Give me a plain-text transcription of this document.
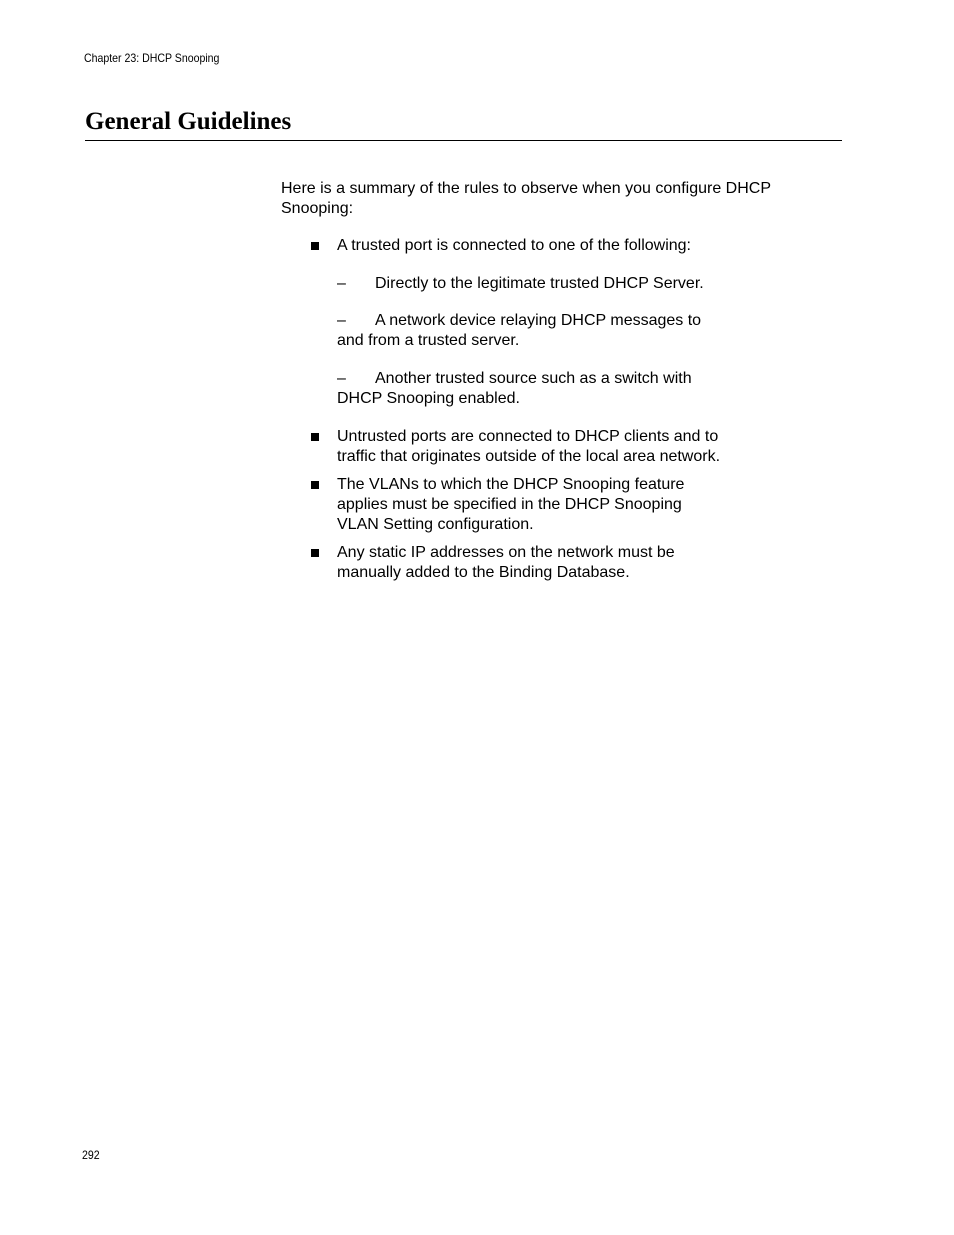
Chapter 23: DHCP Snooping
General Guidelines

Here is a summary of the rules to observe when you configure DHCP
Snooping:

A trusted port is connected to one of the following:
– Directly to the legitimate trusted DHCP Server.
– A network device relaying DHCP messages to
and from a trusted server.
– Another trusted source such as a switch with
DHCP Snooping enabled.
Untrusted ports are connected to DHCP clients and to
traffic that originates outside of the local area network.
The VLANs to which the DHCP Snooping feature
applies must be specified in the DHCP Snooping
VLAN Setting configuration.
Any static IP addresses on the network must be
manually added to the Binding Database.
292
